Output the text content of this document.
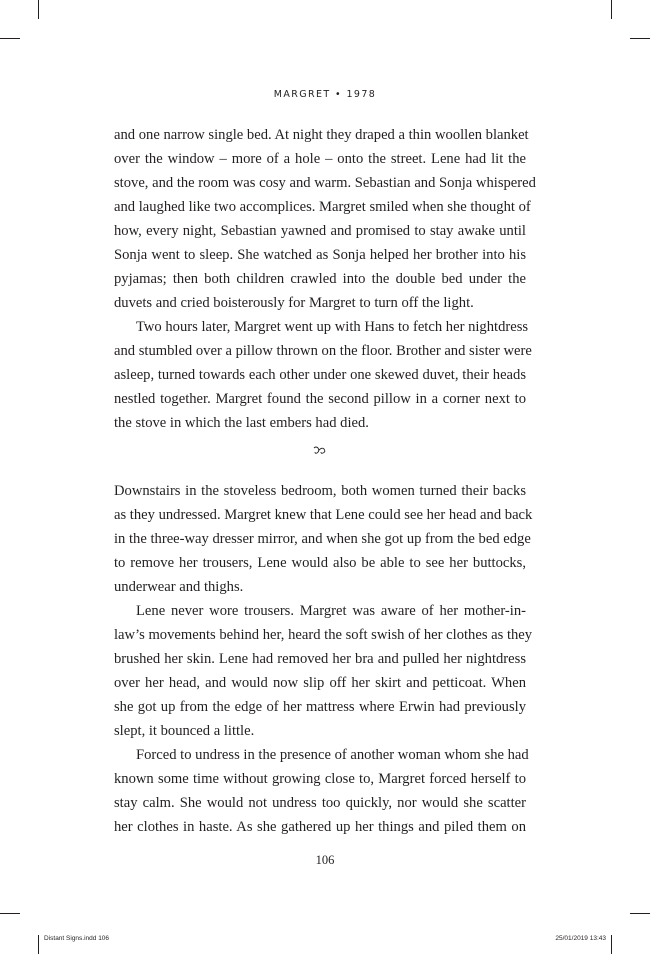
MARGRET • 1978
and one narrow single bed. At night they draped a thin woollen blanket
over the window – more of a hole – onto the street. Lene had lit the
stove, and the room was cosy and warm. Sebastian and Sonja whispered
and laughed like two accomplices. Margret smiled when she thought of
how, every night, Sebastian yawned and promised to stay awake until
Sonja went to sleep. She watched as Sonja helped her brother into his
pyjamas; then both children crawled into the double bed under the
duvets and cried boisterously for Margret to turn off the light.
Two hours later, Margret went up with Hans to fetch her nightdress
and stumbled over a pillow thrown on the floor. Brother and sister were
asleep, turned towards each other under one skewed duvet, their heads
nestled together. Margret found the second pillow in a corner next to
the stove in which the last embers had died.
Downstairs in the stoveless bedroom, both women turned their backs
as they undressed. Margret knew that Lene could see her head and back
in the three-way dresser mirror, and when she got up from the bed edge
to remove her trousers, Lene would also be able to see her buttocks,
underwear and thighs.
Lene never wore trousers. Margret was aware of her mother-in-
law’s movements behind her, heard the soft swish of her clothes as they
brushed her skin. Lene had removed her bra and pulled her nightdress
over her head, and would now slip off her skirt and petticoat. When
she got up from the edge of her mattress where Erwin had previously
slept, it bounced a little.
Forced to undress in the presence of another woman whom she had
known some time without growing close to, Margret forced herself to
stay calm. She would not undress too quickly, nor would she scatter
her clothes in haste. As she gathered up her things and piled them on
106
Distant Signs.indd 106	25/01/2019 13:43
